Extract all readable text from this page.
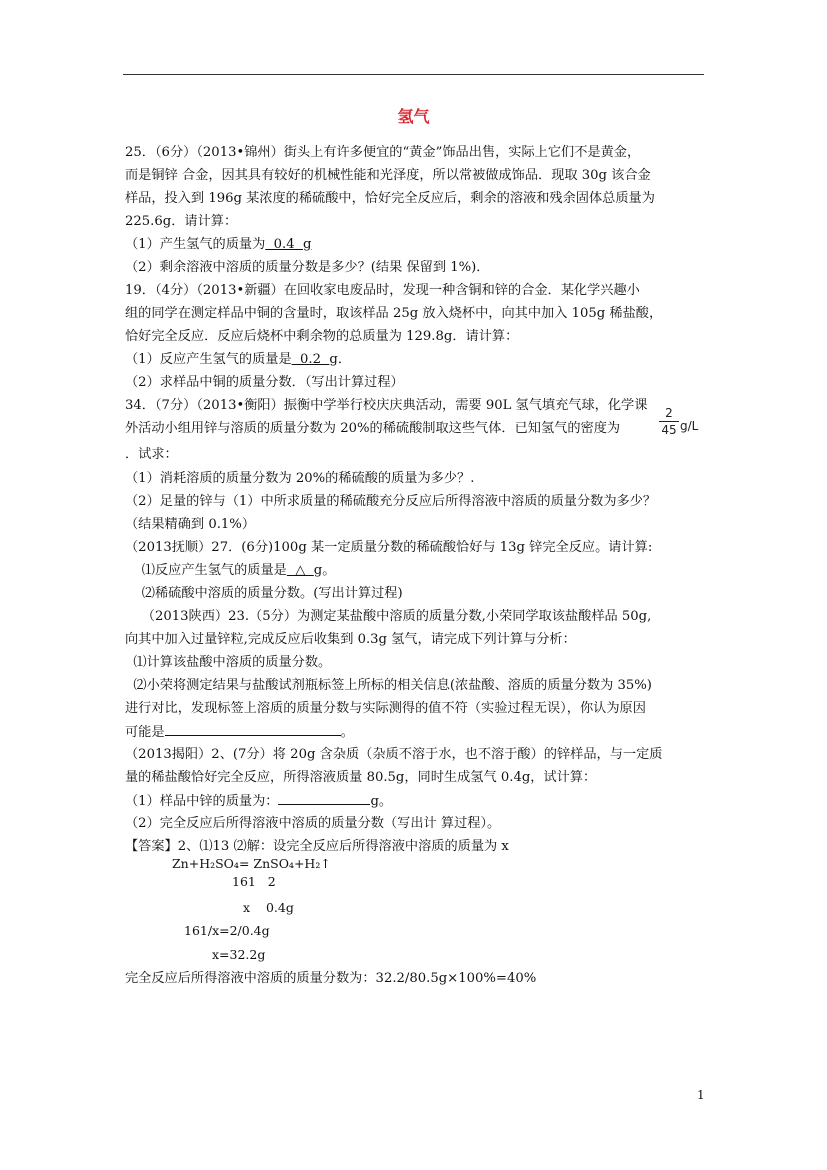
氢气
25．（6分）（2013•锦州）街头上有许多便宜的“黄金”饰品出售，实际上它们不是黄金，
而是铜锌 合金，因其具有较好的机械性能和光泽度，所以常被做成饰品．现取 30g 该合金
样品，投入到 196g 某浓度的稀硫酸中，恰好完全反应后，剩余的溶液和残余固体总质量为
225.6g．请计算：
（1）产生氢气的质量为  0.4  g
（2）剩余溶液中溶质的质量分数是多少？(结果 保留到 1%)．
19．（4分）（2013•新疆）在回收家电废品时，发现一种含铜和锌的合金．某化学兴趣小
组的同学在测定样品中铜的含量时，取该样品 25g 放入烧杯中，向其中加入 105g 稀盐酸，
恰好完全反应．反应后烧杯中剩余物的总质量为 129.8g．请计算：
（1）反应产生氢气的质量是  0.2  g．
（2）求样品中铜的质量分数．（写出计算过程）
34．（7分）（2013•衡阳）振衡中学举行校庆庆典活动，需要 90L 氢气填充气球，化学课
外活动小组用锌与溶质的质量分数为 20%的稀硫酸制取这些气体．已知氢气的密度为
2
45 g/L
．试求：
（1）消耗溶质的质量分数为 20%的稀硫酸的质量为多少？.
（2）足量的锌与（1）中所求质量的稀硫酸充分反应后所得溶液中溶质的质量分数为多少？
（结果精确到 0.1%）
（2013抚顺）27．(6分)100g 某一定质量分数的稀硫酸恰好与 13g 锌完全反应。请计算:
⑴反应产生氢气的质量是  △  g。
⑵稀硫酸中溶质的质量分数。(写出计算过程)
（2013陕西）23.（5分）为测定某盐酸中溶质的质量分数,小荣同学取该盐酸样品 50g,
向其中加入过量锌粒,完成反应后收集到 0.3g 氢气，请完成下列计算与分析：
⑴计算该盐酸中溶质的质量分数。
⑵小荣将测定结果与盐酸试剂瓶标签上所标的相关信息(浓盐酸、溶质的质量分数为 35%)
进行对比，发现标签上溶质的质量分数与实际测得的值不符（实验过程无误），你认为原因
可能是	。
（2013揭阳）2、(7分）将 20g 含杂质（杂质不溶于水，也不溶于酸）的锌样品，与一定质
量的稀盐酸恰好完全反应，所得溶液质量 80.5g，同时生成氢气 0.4g，试计算：
（1）样品中锌的质量为：	g。
（2）完全反应后所得溶液中溶质的质量分数（写出计 算过程）。
【答案】2、⑴13 ⑵解：设完全反应后所得溶液中溶质的质量为 x
Zn+H₂SO₄= ZnSO₄+H₂↑
161   2
x    0.4g
161/x=2/0.4g
x=32.2g
完全反应后所得溶液中溶质的质量分数为：32.2/80.5g×100%=40%
1
